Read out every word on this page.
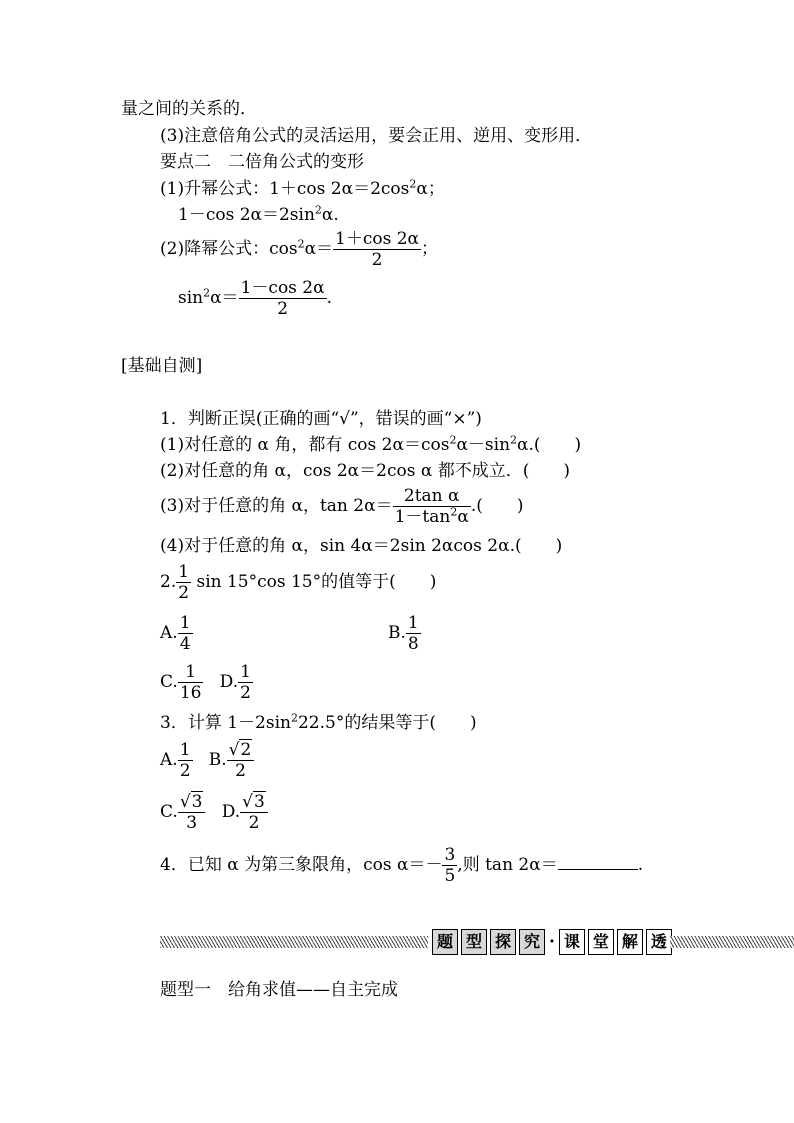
量之间的关系的．
(3)注意倍角公式的灵活运用，要会正用、逆用、变形用．
要点二　二倍角公式的变形
(1)升幂公式：1＋cos $2\alpha=2\cos^2\alpha$；
1－cos $2\alpha=2\sin^2\alpha$.
(2)降幂公式：$\cos^2\alpha= \frac{1+\cos 2\alpha}{2}$ ；
$\sin^2\alpha= \frac{1-\cos 2\alpha}{2}$ .
[基础自测]
1．判断正误(正确的画“√”，错误的画“×”)
(1)对任意的 α 角，都有 $\cos 2\alpha=\cos^2\alpha-\sin^2\alpha$.(　　)
(2)对任意的角 α，cos 2α＝2cos α 都不成立．(　　)
(3)对于任意的角 α，$\tan 2\alpha= \frac{\text{2tan α}}{1-\tan^2\alpha}$ .(　　)
(4)对于任意的角 α，sin 4α＝2sin 2αcos 2α.(　　)
2. $\frac{1}{2}$ sin 15°cos 15°的值等于(　　)
A. $\frac{1}{4}$	B. $\frac{1}{8}$
C. $\frac{1}{16} D$. $\frac{1}{2}$
3．计算 $1-2\sin^222.5^\circ$的结果等于(　　)
A. $\frac{1}{2} B$. $\frac{√2}{2}$
C. $\frac{√3}{3} D$. $\frac{√3}{2}$
4．已知 α 为第三象限角，$\cos \alpha=- \frac{3}{5}$ ,则 tan 2α＝	.
题 型 探 究 · 课 堂 解 透
题型一　给角求值——自主完成
